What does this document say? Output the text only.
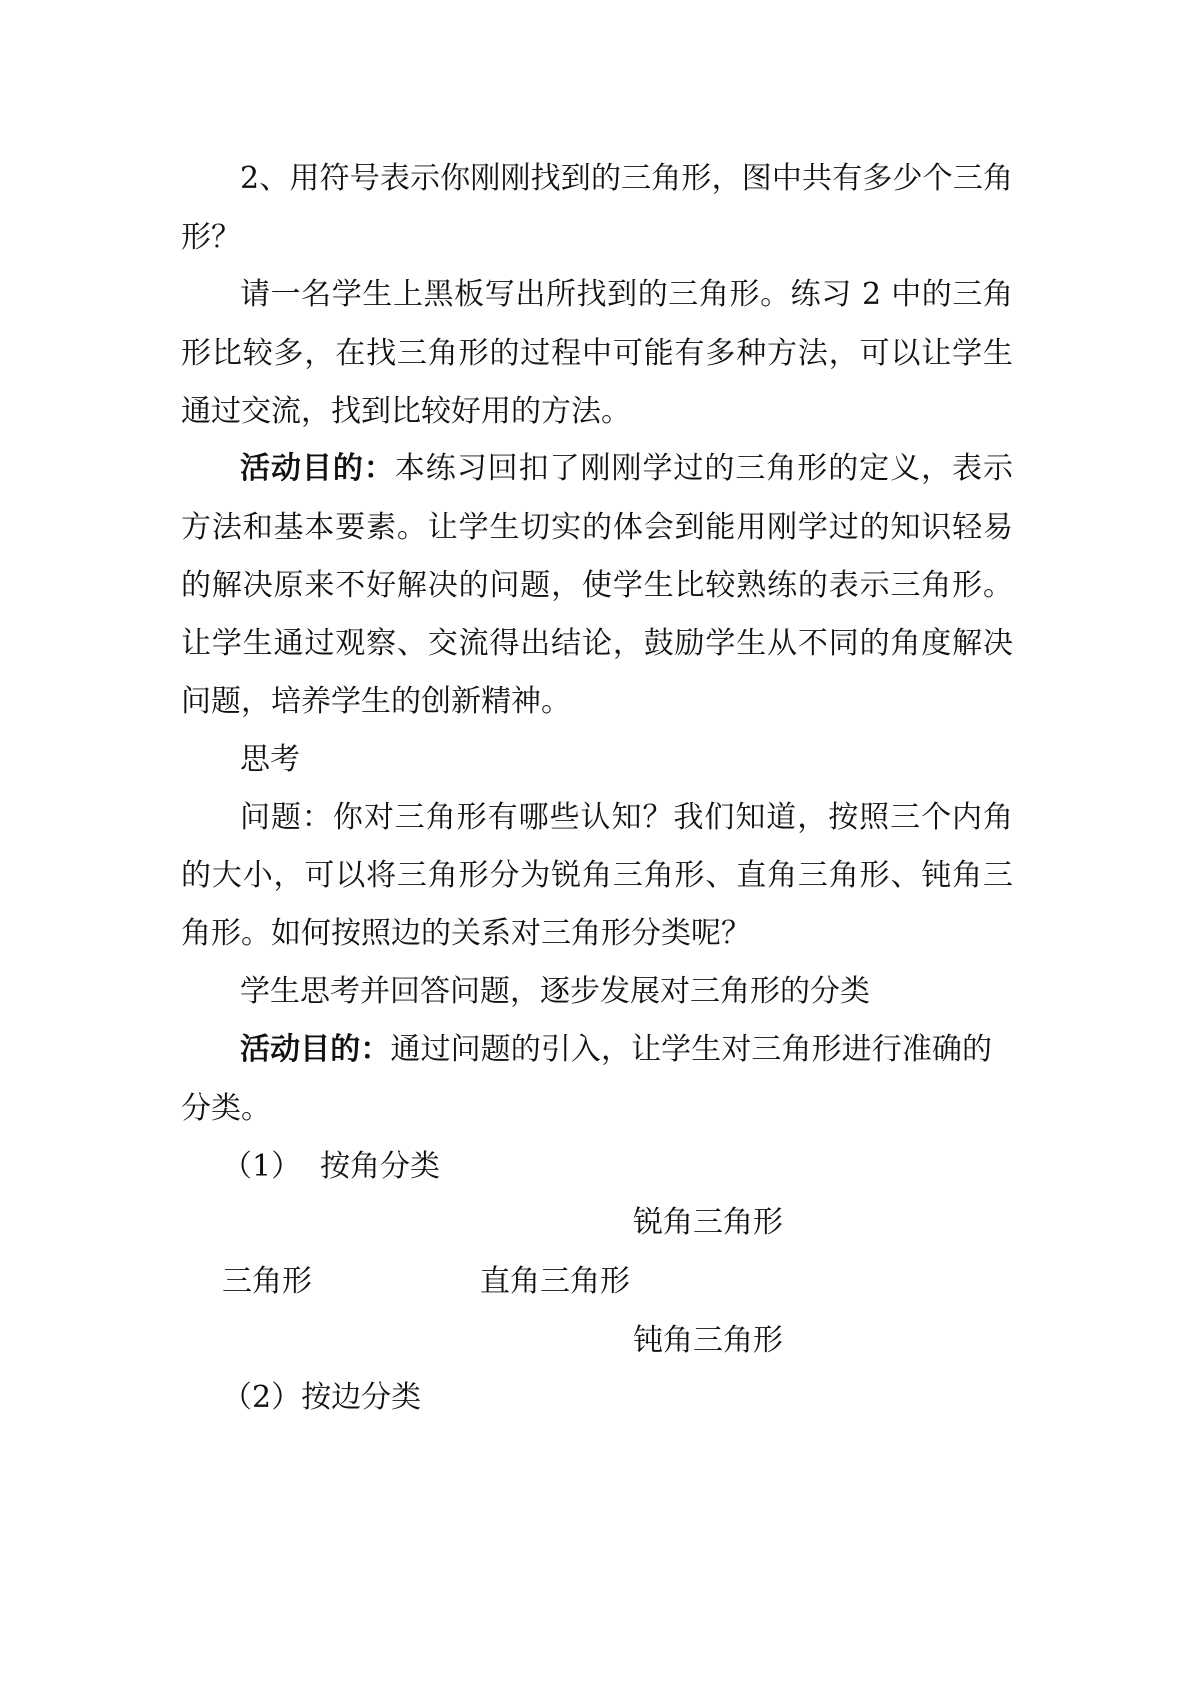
2、用符号表示你刚刚找到的三角形，图中共有多少个三角
形？
请一名学生上黑板写出所找到的三角形。练习 2 中的三角
形比较多，在找三角形的过程中可能有多种方法，可以让学生
通过交流，找到比较好用的方法。
活动目的：本练习回扣了刚刚学过的三角形的定义，表示
方法和基本要素。让学生切实的体会到能用刚学过的知识轻易
的解决原来不好解决的问题，使学生比较熟练的表示三角形。
让学生通过观察、交流得出结论，鼓励学生从不同的角度解决
问题，培养学生的创新精神。
思考
问题：你对三角形有哪些认知？我们知道，按照三个内角
的大小，可以将三角形分为锐角三角形、直角三角形、钝角三
角形。如何按照边的关系对三角形分类呢？
学生思考并回答问题，逐步发展对三角形的分类
活动目的：通过问题的引入，让学生对三角形进行准确的
分类。
（1） 按角分类
锐角三角形
三角形	直角三角形
钝角三角形
（2）按边分类
